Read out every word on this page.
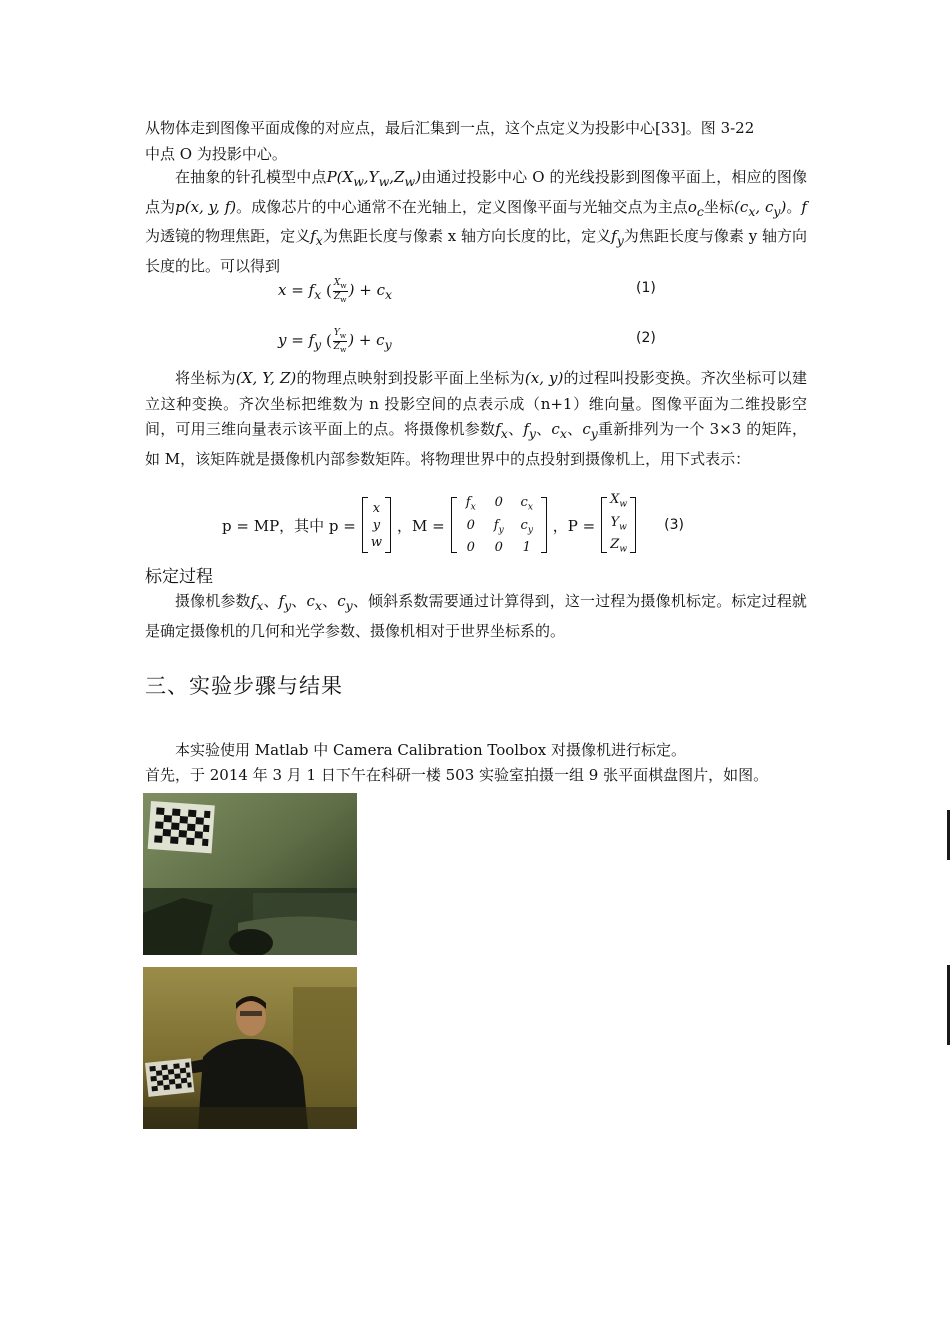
从物体走到图像平面成像的对应点，最后汇集到一点，这个点定义为投影中心[33]。图 3-22
中点 O 为投影中心。
在抽象的针孔模型中点$P(X_w,Y_w,Z_w)$由通过投影中心 O 的光线投影到图像平面上，相应的图像点为p(x, y, f)。成像芯片的中心通常不在光轴上，定义图像平面与光轴交点为主点$o_c$坐标($c_x$, $c_y$)。f为透镜的物理焦距，定义$f_x$为焦距长度与像素 x 轴方向长度的比，定义$f_y$为焦距长度与像素 y 轴方向长度的比。可以得到
$x = f_x$ ( $\frac{X_w}{Z_w}$ ) + $c_x$	(1)
$y = f_y$ ( $\frac{Y_w}{Z_w}$ ) + $c_y$	(2)
将坐标为(X, Y, Z)的物理点映射到投影平面上坐标为(x, y)的过程叫投影变换。齐次坐标可以建立这种变换。齐次坐标把维数为 n 投影空间的点表示成（n+1）维向量。图像平面为二维投影空间，可用三维向量表示该平面上的点。将摄像机参数$f_x$、$f_y$、$c_x$、$c_y$重新排列为一个 3×3 的矩阵，如 M，该矩阵就是摄像机内部参数矩阵。将物理世界中的点投射到摄像机上，用下式表示：
p = MP，其中 p =
x
y
w
，M =
$f_x$	0	$c_x$
0	$f_y$	$c_y$
0	0	1
，P =
$X_w$
$Y_w$
$Z_w$
(3)
标定过程
摄像机参数$f_x$、$f_y$、$c_x$、$c_y$、倾斜系数需要通过计算得到，这一过程为摄像机标定。标定过程就是确定摄像机的几何和光学参数、摄像机相对于世界坐标系的。
三、实验步骤与结果
本实验使用 Matlab 中 Camera Calibration Toolbox 对摄像机进行标定。
首先，于 2014 年 3 月 1 日下午在科研一楼 503 实验室拍摄一组 9 张平面棋盘图片，如图。
